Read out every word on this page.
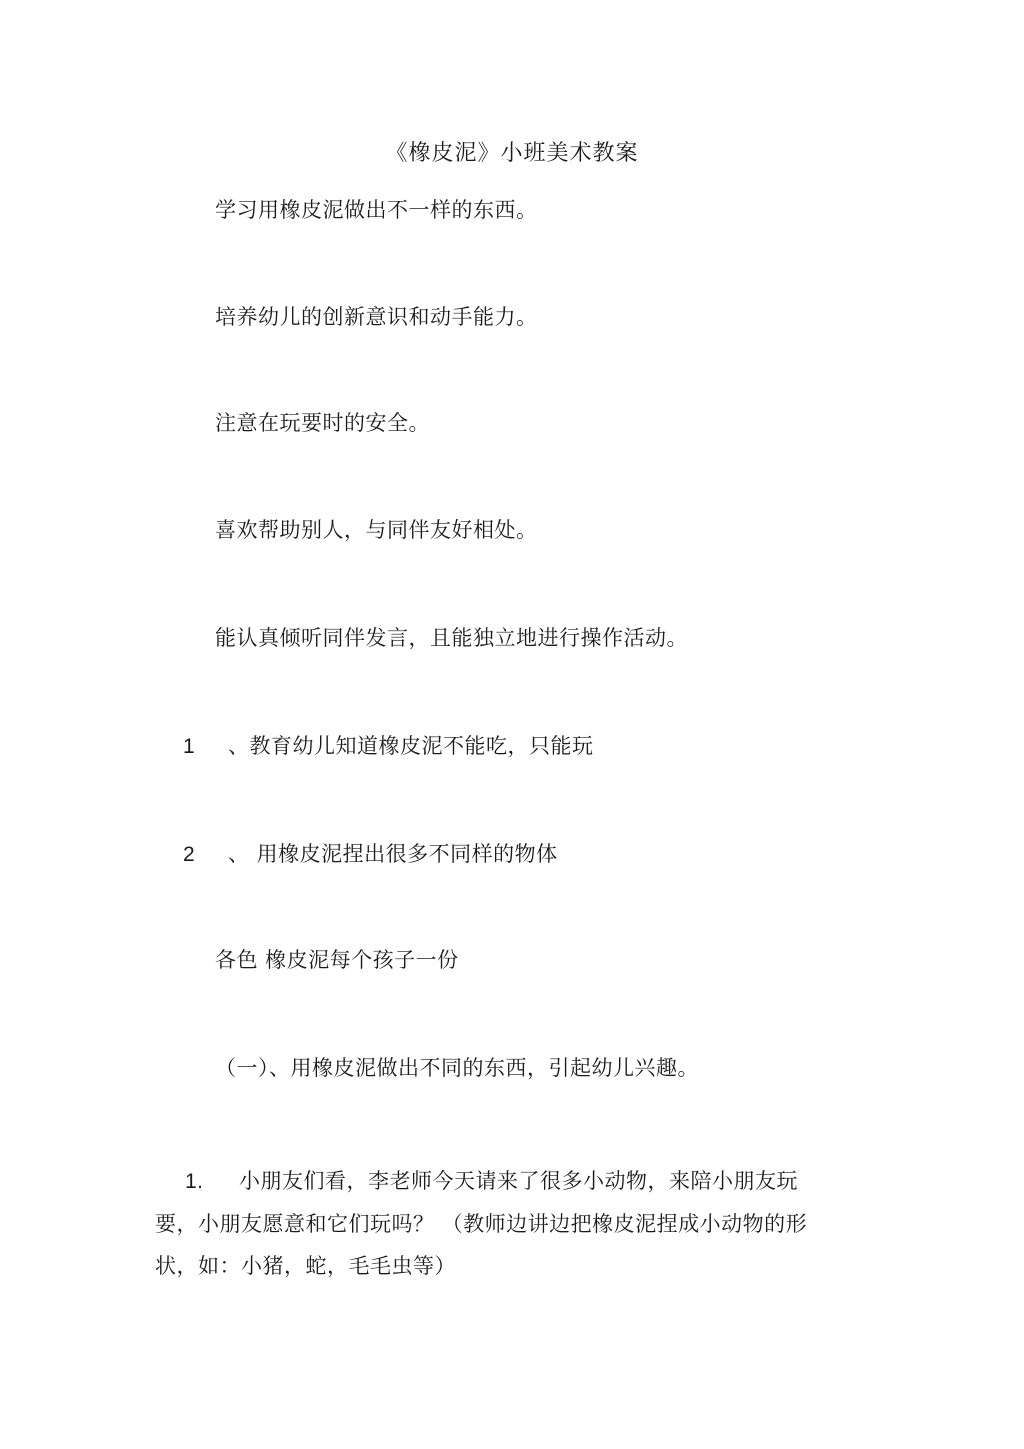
《橡皮泥》小班美术教案
学习用橡皮泥做出不一样的东西。
培养幼儿的创新意识和动手能力。
注意在玩要时的安全。
喜欢帮助别人，与同伴友好相处。
能认真倾听同伴发言，且能独立地进行操作活动。
1 、教育幼儿知道橡皮泥不能吃，只能玩
2 、 用橡皮泥捏出很多不同样的物体
各色 橡皮泥每个孩子一份
（一）、用橡皮泥做出不同的东西，引起幼儿兴趣。
1. 小朋友们看，李老师今天请来了很多小动物，来陪小朋友玩
要，小朋友愿意和它们玩吗？ （教师边讲边把橡皮泥捏成小动物的形
状，如：小猪，蛇，毛毛虫等）
